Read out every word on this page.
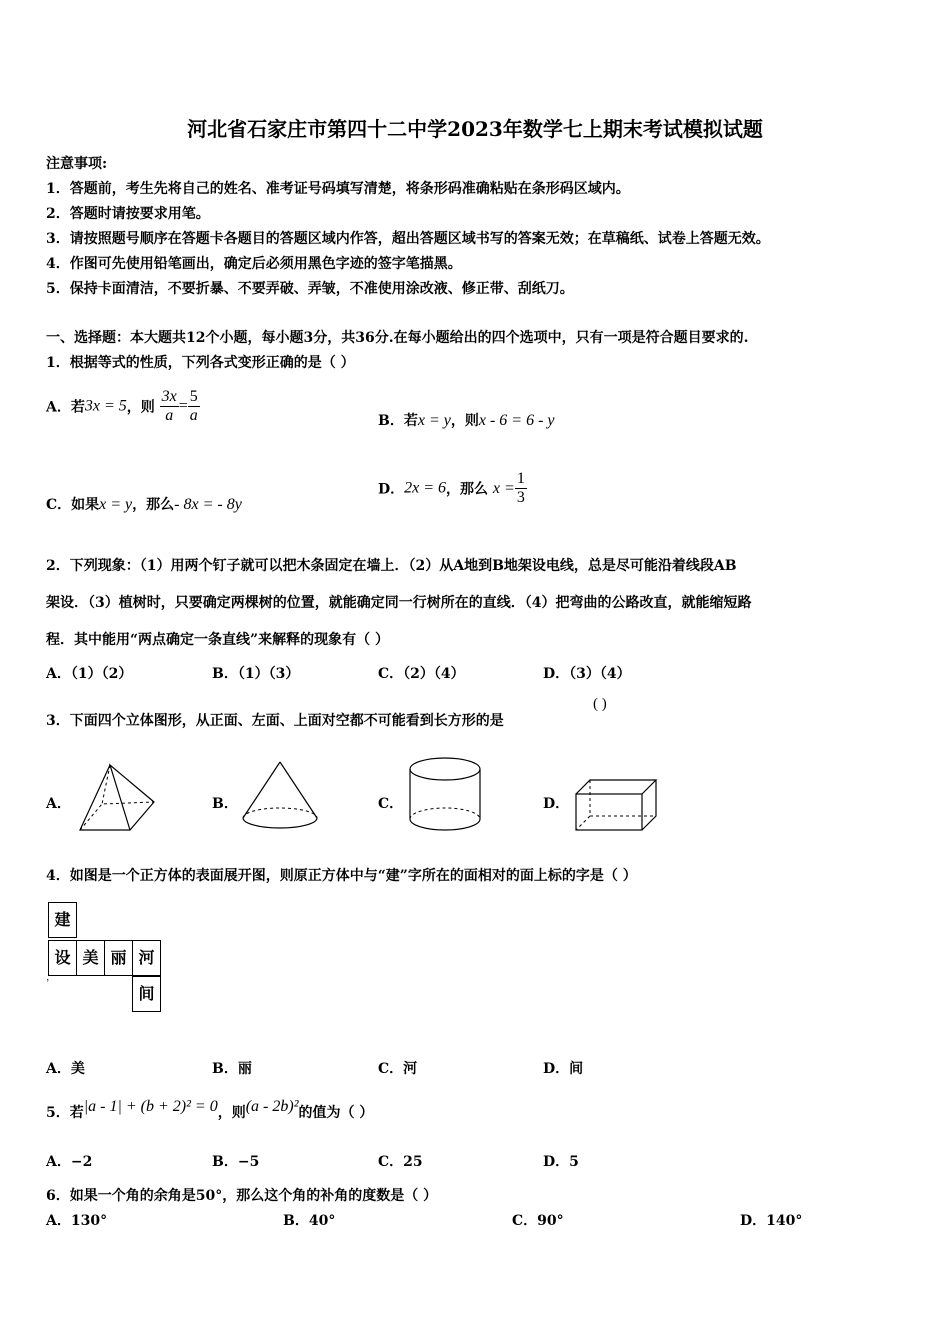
河北省石家庄市第四十二中学2023年数学七上期末考试模拟试题
注意事项:
1．答题前，考生先将自己的姓名、准考证号码填写清楚，将条形码准确粘贴在条形码区域内。
2．答题时请按要求用笔。
3．请按照题号顺序在答题卡各题目的答题区域内作答，超出答题区域书写的答案无效；在草稿纸、试卷上答题无效。
4．作图可先使用铅笔画出，确定后必须用黑色字迹的签字笔描黑。
5．保持卡面清洁，不要折暴、不要弄破、弄皱，不准使用涂改液、修正带、刮纸刀。
一、选择题：本大题共12个小题，每小题3分，共36分.在每小题给出的四个选项中，只有一项是符合题目要求的.
1．根据等式的性质，下列各式变形正确的是（ ）
A．若3x = 5，则 $\frac{3x}{a} = \frac{5}{a}$	B．若x = y，则x - 6 = 6 - y
C．如果x = y，那么- 8x = - 8y
D．2x = 6，那么 $x = \frac{1}{3}$
2．下列现象：（1）用两个钉子就可以把木条固定在墙上．（2）从A地到B地架设电线，总是尽可能沿着线段AB
架设．（3）植树时，只要确定两棵树的位置，就能确定同一行树所在的直线．（4）把弯曲的公路改直，就能缩短路
程．其中能用“两点确定一条直线”来解释的现象有（ ）
A．（1）（2）	B．（1）（3）	C．（2）（4）	D．（3）（4）
3．下面四个立体图形，从正面、左面、上面对空都不可能看到长方形的是
( )
A．	B．	C．	D．
4．如图是一个正方体的表面展开图，则原正方体中与“建”字所在的面相对的面上标的字是（ ）
建
设 美 丽 河
间
’
A．美	B．丽	C．河	D．间
5．若|a - 1| + (b + 2)² = 0，则(a - 2b)²的值为（ ）
A．−2	B．−5	C．25	D．5
6．如果一个角的余角是50°，那么这个角的补角的度数是（ ）
A．130°	B．40°	C．90°	D．140°
